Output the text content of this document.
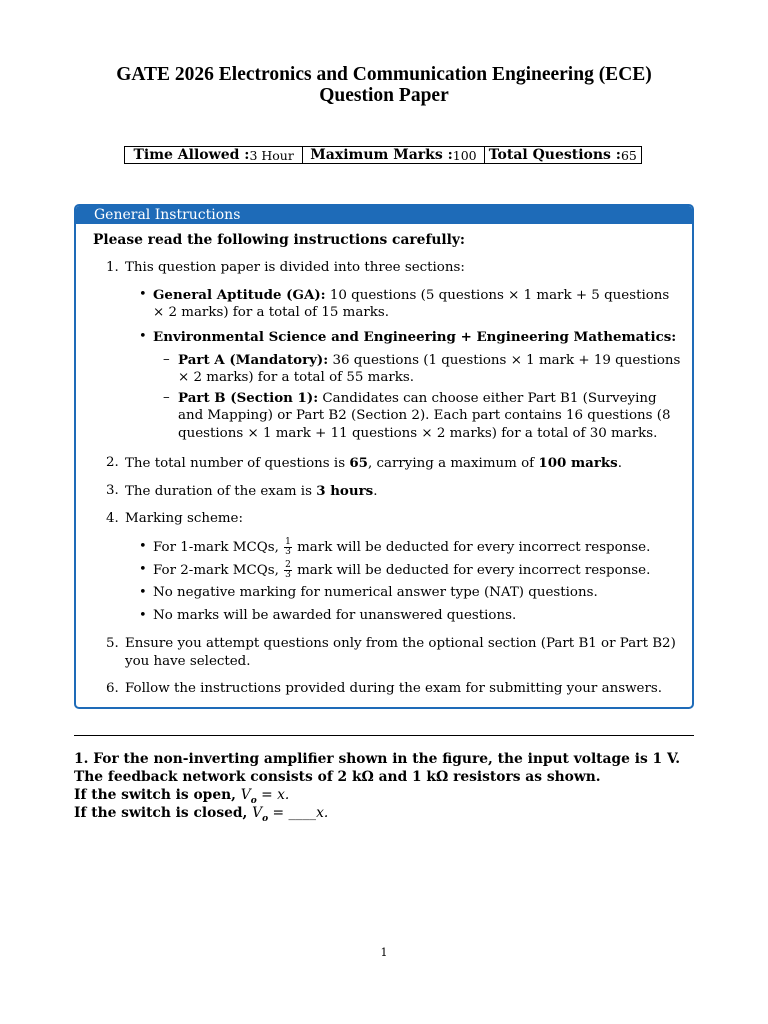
GATE 2026 Electronics and Communication Engineering (ECE)
Question Paper
Time Allowed : 3 Hour Maximum Marks : 100 Total Questions : 65
General Instructions
Please read the following instructions carefully:
1. This question paper is divided into three sections:
• General Aptitude (GA): 10 questions (5 questions × 1 mark + 5 questions
× 2 marks) for a total of 15 marks.
• Environmental Science and Engineering + Engineering Mathematics:
– Part A (Mandatory): 36 questions (1 questions × 1 mark + 19 questions
× 2 marks) for a total of 55 marks.
– Part B (Section 1): Candidates can choose either Part B1 (Surveying
and Mapping) or Part B2 (Section 2). Each part contains 16 questions (8
questions × 1 mark + 11 questions × 2 marks) for a total of 30 marks.
2. The total number of questions is 65, carrying a maximum of 100 marks.
3. The duration of the exam is 3 hours.
4. Marking scheme:
• For 1-mark MCQs, $\frac{1}{3}$ mark will be deducted for every incorrect response.
• For 2-mark MCQs, $\frac{2}{3}$ mark will be deducted for every incorrect response.
• No negative marking for numerical answer type (NAT) questions.
• No marks will be awarded for unanswered questions.
5. Ensure you attempt questions only from the optional section (Part B1 or Part B2)
you have selected.
6. Follow the instructions provided during the exam for submitting your answers.
1. For the non-inverting amplifier shown in the figure, the input voltage is 1 V.
The feedback network consists of 2 kΩ and 1 kΩ resistors as shown.
If the switch is open, $V_o = x$.
If the switch is closed, $V_o$ = ____x.
1
